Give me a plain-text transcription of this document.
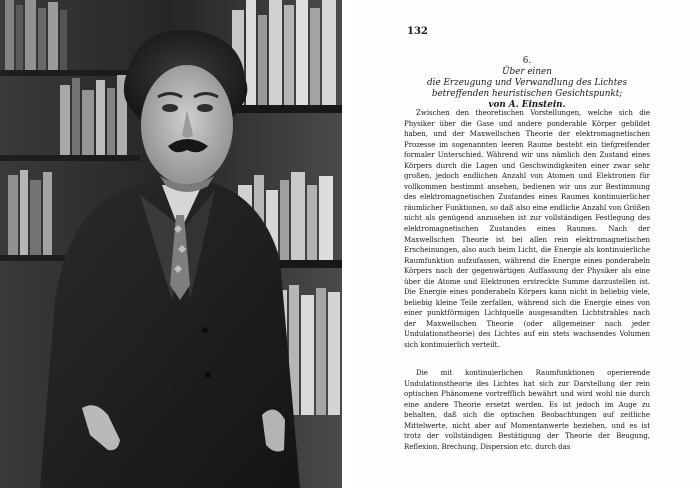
132
6.
Über einen
die Erzeugung und Verwandlung des Lichtes
betreffenden heuristischen Gesichtspunkt;
von A. Einstein.

Zwischen den theoretischen Vorstellungen, welche sich die Physiker über die Gase und andere ponderable Körper gebildet haben, und der Maxwellschen Theorie der elektromagnetischen Prozesse im sogenannten leeren Raume besteht ein tiefgreifender formaler Unterschied. Während wir uns nämlich den Zustand eines Körpers durch die Lagen und Geschwindigkeiten einer zwar sehr großen, jedoch endlichen Anzahl von Atomen und Elektronen für vollkommen bestimmt ansehen, bedienen wir uns zur Bestimmung des elektromagnetischen Zustandes eines Raumes kontinuierlicher räumlicher Funktionen, so daß also eine endliche Anzahl von Größen nicht als genügend anzusehen ist zur vollständigen Festlegung des elektromagnetischen Zustandes eines Raumes. Nach der Maxwellschen Theorie ist bei allen rein elektromagnetischen Erscheinungen, also auch beim Licht, die Energie als kontinuierliche Raumfunktion aufzufassen, während die Energie eines ponderabeln Körpers nach der gegenwärtigen Auffassung der Physiker als eine über die Atome und Elektronen erstreckte Summe darzustellen ist. Die Energie eines ponderabeln Körpers kann nicht in beliebig viele, beliebig kleine Teile zerfallen, während sich die Energie eines von einer punktförmigen Lichtquelle ausgesandten Lichtstrahles nach der Maxwellschen Theorie (oder allgemeiner nach jeder Undulationstheorie) des Lichtes auf ein stets wachsendes Volumen sich kontinuierlich verteilt.

Die mit kontinuierlichen Raumfunktionen operierende Undulationstheorie des Lichtes hat sich zur Darstellung der rein optischen Phänomene vortrefflich bewährt und wird wohl nie durch eine andere Theorie ersetzt werden. Es ist jedoch im Auge zu behalten, daß sich die optischen Beobachtungen auf zeitliche Mittelwerte, nicht aber auf Momentanwerte beziehen, und es ist trotz der vollständigen Bestätigung der Theorie der Beugung, Reflexion, Brechung, Dispersion etc. durch das
